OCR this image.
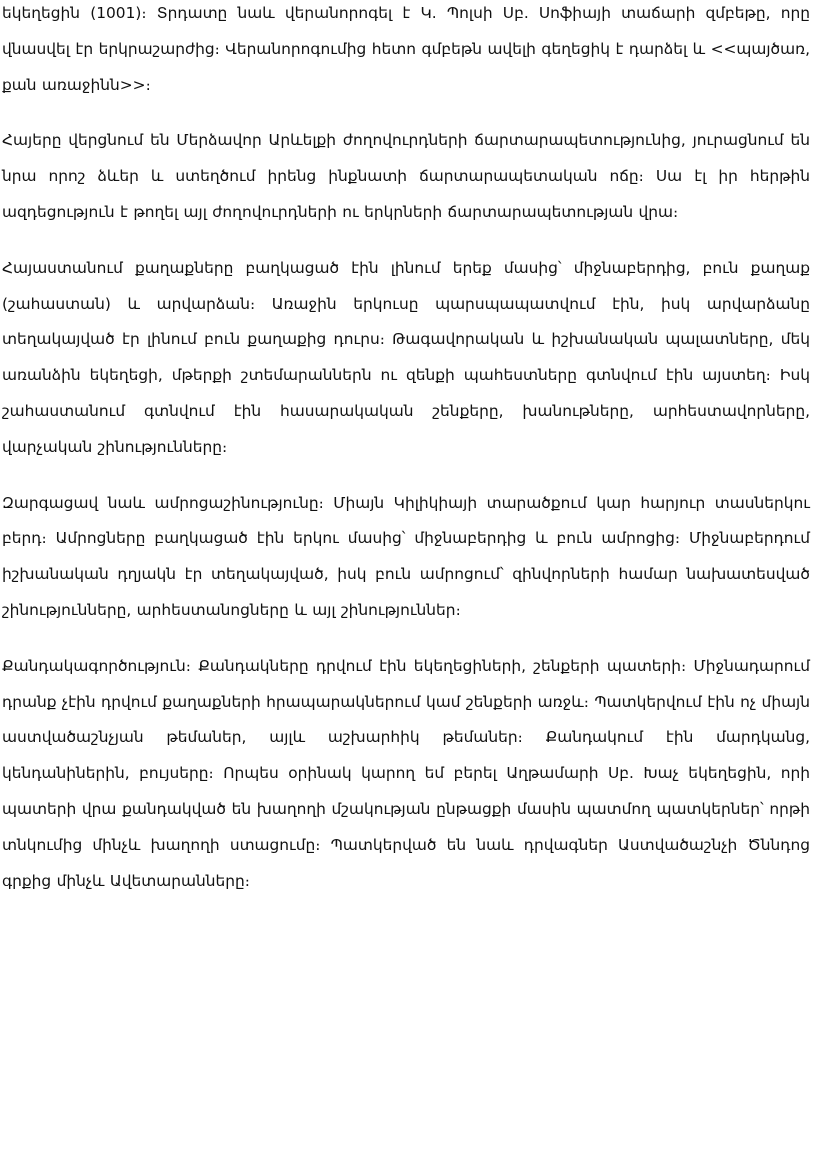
եկեղեցին (1001)։ Տրդատը նաև վերանորոգել է Կ. Պոլսի Սբ. Սոֆիայի տաճարի զմբեթը, որը վնասվել էր երկրաշարժից։ Վերանորոգումից հետո գմբեթն ավելի գեղեցիկ է դարձել և <<պայծառ, քան առաջինն>>։

Հայերը վերցնում են Մերձավոր Արևելքի ժողովուրդների ճարտարապետությունից, յուրացնում են նրա որոշ ձևեր և ստեղծում իրենց ինքնատի ճարտարապետական ոճը։ Սա էլ իր հերթին ազդեցություն է թողել այլ ժողովուրդների ու երկրների ճարտարապետության վրա։

Հայաստանում քաղաքները բաղկացած էին լինում երեք մասից՝ միջնաբերդից, բուն քաղաք (շահաստան) և արվարձան։ Առաջին երկուսը պարսպապատվում էին, իսկ արվարձանը տեղակայված էր լինում բուն քաղաքից դուրս։ Թագավորական և իշխանական պալատները, մեկ առանձին եկեղեցի, մթերքի շտեմարաններն ու զենքի պահեստները գտնվում էին այստեղ։ Իսկ շահաստանում գտնվում էին հասարակական շենքերը, խանութները, արհեստավորները, վարչական շինությունները։

Զարգացավ նաև ամրոցաշինությունը։ Միայն Կիլիկիայի տարածքում կար հարյուր տասներկու բերդ։ Ամրոցները բաղկացած էին երկու մասից՝ միջնաբերդից և բուն ամրոցից։ Միջնաբերդում իշխանական դղյակն էր տեղակայված, իսկ բուն ամրոցում՝ զինվորների համար նախատեսված շինությունները, արհեստանոցները և այլ շինություններ։

Քանդակագործություն։ Քանդակները դրվում էին եկեղեցիների, շենքերի պատերի։ Միջնադարում դրանք չէին դրվում քաղաքների հրապարակներում կամ շենքերի առջև։ Պատկերվում էին ոչ միայն աստվածաշնչյան թեմաներ, այլև աշխարհիկ թեմաներ։ Քանդակում էին մարդկանց, կենդանիներին, բույսերը։ Որպես օրինակ կարող եմ բերել Աղթամարի Սբ. Խաչ եկեղեցին, որի պատերի վրա քանդակված են խաղողի մշակության ընթացքի մասին պատմող պատկերներ՝ որթի տնկումից մինչև խաղողի ստացումը։ Պատկերված են նաև դրվագներ Աստվածաշնչի Ծննդոց գրքից մինչև Ավետարանները։
